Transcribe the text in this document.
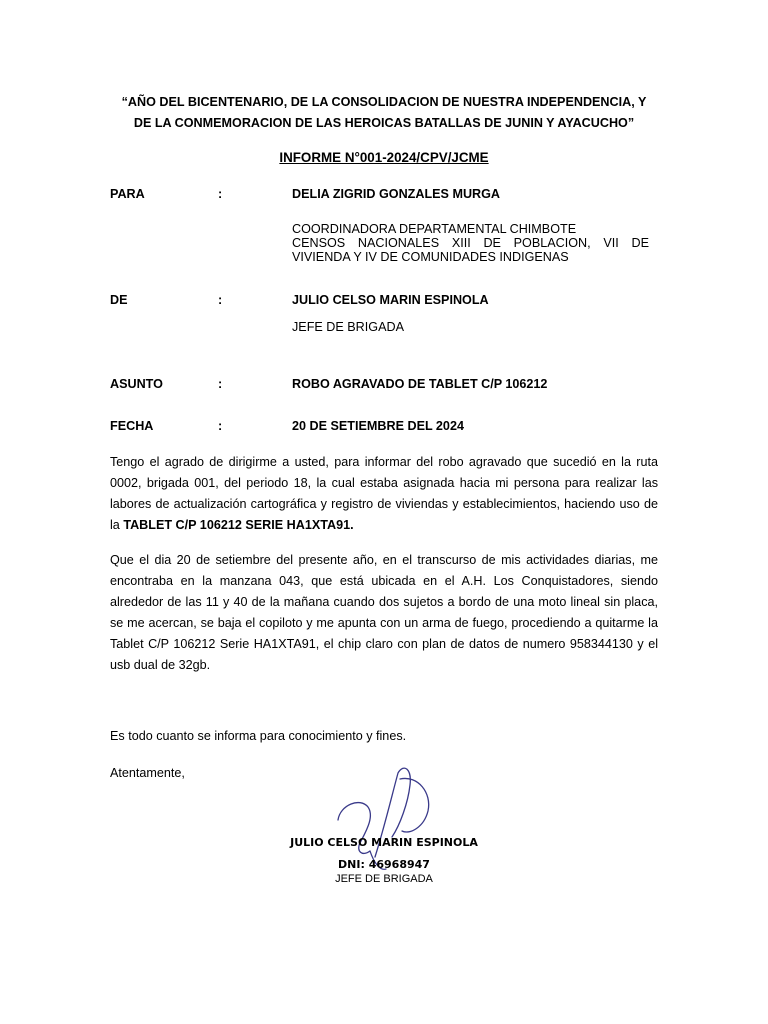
“AÑO DEL BICENTENARIO, DE LA CONSOLIDACION DE NUESTRA INDEPENDENCIA, Y
DE LA CONMEMORACION DE LAS HEROICAS BATALLAS DE JUNIN Y AYACUCHO”
INFORME N°001-2024/CPV/JCME
PARA	:	DELIA ZIGRID GONZALES MURGA
COORDINADORA DEPARTAMENTAL CHIMBOTE
CENSOS NACIONALES XIII DE POBLACION, VII DE
VIVIENDA Y IV DE COMUNIDADES INDIGENAS
DE	:	JULIO CELSO MARIN ESPINOLA
JEFE DE BRIGADA
ASUNTO	:	ROBO AGRAVADO DE TABLET C/P 106212
FECHA	:	20 DE SETIEMBRE DEL 2024
Tengo el agrado de dirigirme a usted, para informar del robo agravado que sucedió en la ruta 0002, brigada 001, del periodo 18, la cual estaba asignada hacia mi persona para realizar las labores de actualización cartográfica y registro de viviendas y establecimientos, haciendo uso de la TABLET C/P 106212 SERIE HA1XTA91.
Que el dia 20 de setiembre del presente año, en el transcurso de mis actividades diarias, me encontraba en la manzana 043, que está ubicada en el A.H. Los Conquistadores, siendo alrededor de las 11 y 40 de la mañana cuando dos sujetos a bordo de una moto lineal sin placa, se me acercan, se baja el copiloto y me apunta con un arma de fuego, procediendo a quitarme la Tablet C/P 106212 Serie HA1XTA91, el chip claro con plan de datos de numero 958344130 y el usb dual de 32gb.
Es todo cuanto se informa para conocimiento y fines.
Atentamente,
JULIO CELSO MARIN ESPINOLA
DNI: 46968947
JEFE DE BRIGADA
